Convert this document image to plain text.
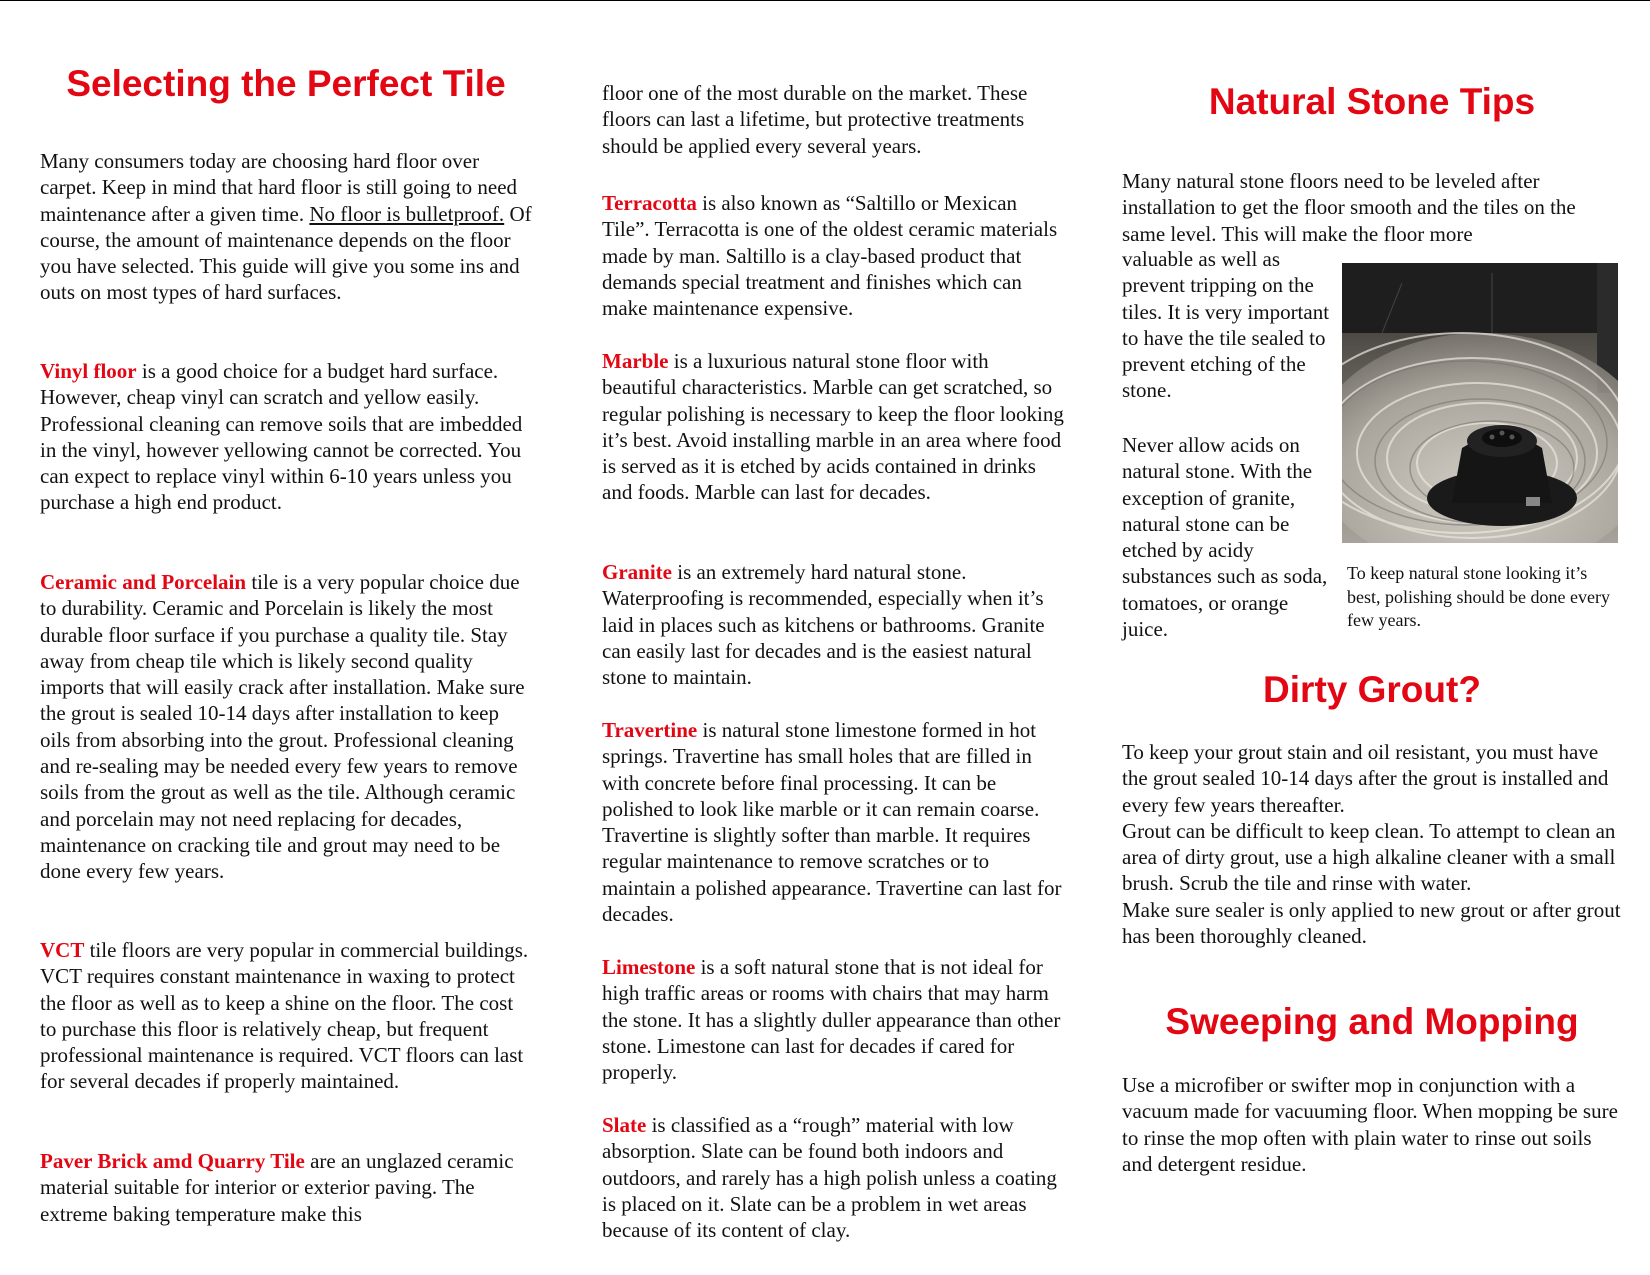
Selecting the Perfect Tile

Many consumers today are choosing hard floor over carpet. Keep in mind that hard floor is still going to need maintenance after a given time. No floor is bulletproof. Of course, the amount of maintenance depends on the floor you have selected. This guide will give you some ins and outs on most types of hard surfaces.

Vinyl floor is a good choice for a budget hard surface. However, cheap vinyl can scratch and yellow easily. Professional cleaning can remove soils that are imbedded in the vinyl, however yellowing cannot be corrected. You can expect to replace vinyl within 6-10 years unless you purchase a high end product.

Ceramic and Porcelain tile is a very popular choice due to durability. Ceramic and Porcelain is likely the most durable floor surface if you purchase a quality tile. Stay away from cheap tile which is likely second quality imports that will easily crack after installation. Make sure the grout is sealed 10-14 days after installation to keep oils from absorbing into the grout. Professional cleaning and re-sealing may be needed every few years to remove soils from the grout as well as the tile. Although ceramic and porcelain may not need replacing for decades, maintenance on cracking tile and grout may need to be done every few years.

VCT tile floors are very popular in commercial buildings. VCT requires constant maintenance in waxing to protect the floor as well as to keep a shine on the floor. The cost to purchase this floor is relatively cheap, but frequent professional maintenance is required. VCT floors can last for several decades if properly maintained.

Paver Brick amd Quarry Tile are an unglazed ceramic material suitable for interior or exterior paving. The extreme baking temperature make this

floor one of the most durable on the market. These floors can last a lifetime, but protective treatments should be applied every several years.

Terracotta is also known as “Saltillo or Mexican Tile”. Terracotta is one of the oldest ceramic materials made by man. Saltillo is a clay-based product that demands special treatment and finishes which can make maintenance expensive.

Marble is a luxurious natural stone floor with beautiful characteristics. Marble can get scratched, so regular polishing is necessary to keep the floor looking it’s best. Avoid installing marble in an area where food is served as it is etched by acids contained in drinks and foods. Marble can last for decades.

Granite is an extremely hard natural stone. Waterproofing is recommended, especially when it’s laid in places such as kitchens or bathrooms. Granite can easily last for decades and is the easiest natural stone to maintain.

Travertine is natural stone limestone formed in hot springs. Travertine has small holes that are filled in with concrete before final processing. It can be polished to look like marble or it can remain coarse. Travertine is slightly softer than marble. It requires regular maintenance to remove scratches or to maintain a polished appearance. Travertine can last for decades.

Limestone is a soft natural stone that is not ideal for high traffic areas or rooms with chairs that may harm the stone. It has a slightly duller appearance than other stone. Limestone can last for decades if cared for properly.

Slate is classified as a “rough” material with low absorption. Slate can be found both indoors and outdoors, and rarely has a high polish unless a coating is placed on it. Slate can be a problem in wet areas because of its content of clay.

Natural Stone Tips

Many natural stone floors need to be leveled after installation to get the floor smooth and the tiles on the same level. This will make the floor more

valuable as well as prevent tripping on the tiles. It is very important to have the tile sealed to prevent etching of the stone.

Never allow acids on natural stone. With the exception of granite, natural stone can be etched by acidy substances such as soda, tomatoes, or orange juice.

To keep natural stone looking it’s best, polishing should be done every few years.

Dirty Grout?

To keep your grout stain and oil resistant, you must have the grout sealed 10-14 days after the grout is installed and every few years thereafter.

Grout can be difficult to keep clean. To attempt to clean an area of dirty grout, use a high alkaline cleaner with a small brush. Scrub the tile and rinse with water.

Make sure sealer is only applied to new grout or after grout has been thoroughly cleaned.

Sweeping and Mopping

Use a microfiber or swifter mop in conjunction with a vacuum made for vacuuming floor. When mopping be sure to rinse the mop often with plain water to rinse out soils and detergent residue.
